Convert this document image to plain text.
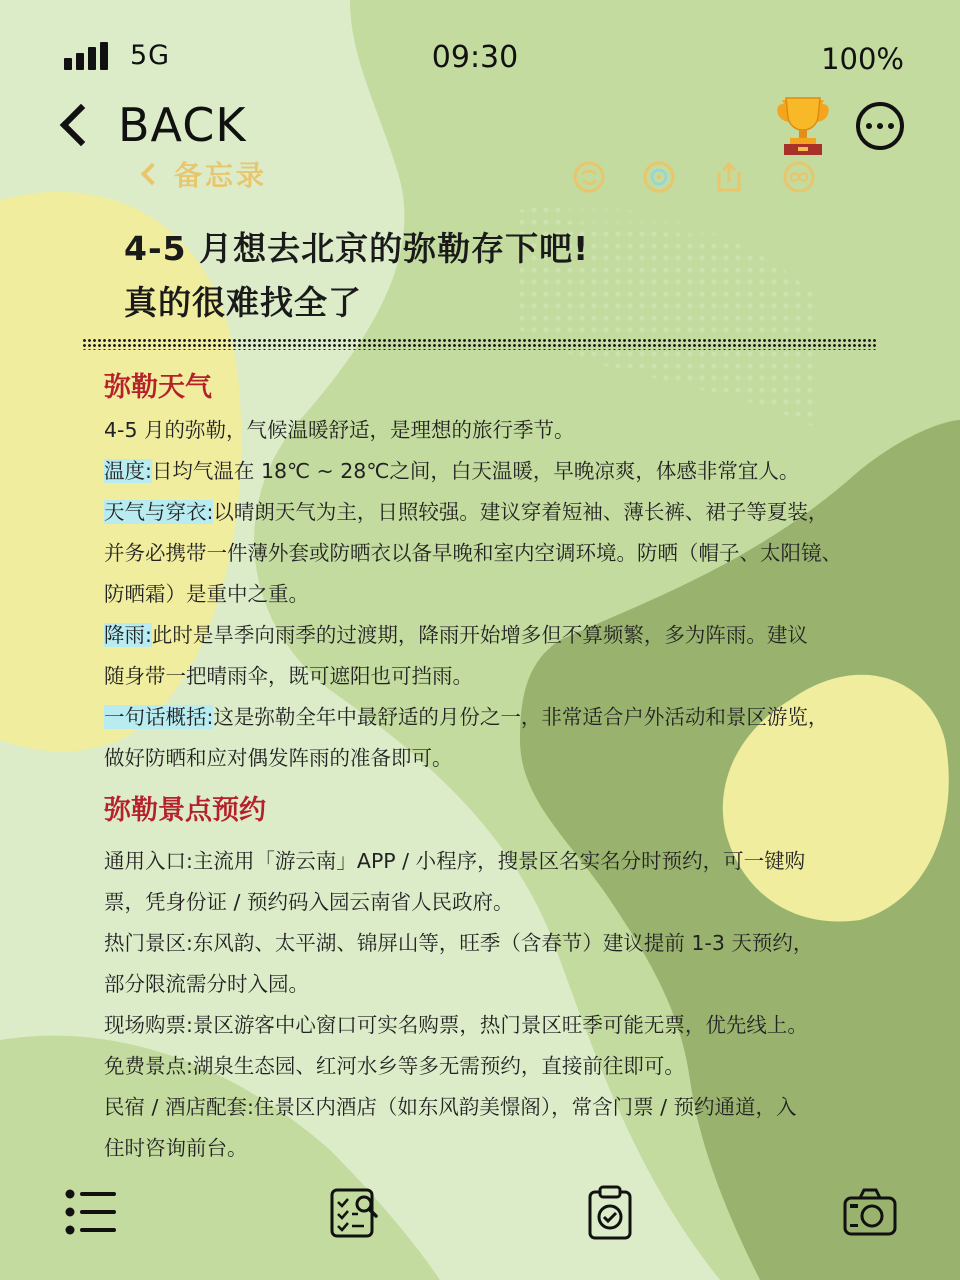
5G	09:30	100%
BACK
备忘录
4-5 月想去北京的弥勒存下吧!
真的很难找全了
弥勒天气
4-5 月的弥勒，气候温暖舒适，是理想的旅行季节。
温度:日均气温在 18℃ ~ 28℃之间，白天温暖，早晚凉爽，体感非常宜人。
天气与穿衣:以晴朗天气为主，日照较强。建议穿着短袖、薄长裤、裙子等夏装，
并务必携带一件薄外套或防晒衣以备早晚和室内空调环境。防晒（帽子、太阳镜、
防晒霜）是重中之重。
降雨:此时是旱季向雨季的过渡期，降雨开始增多但不算频繁，多为阵雨。建议
随身带一把晴雨伞，既可遮阳也可挡雨。
一句话概括:这是弥勒全年中最舒适的月份之一，非常适合户外活动和景区游览，
做好防晒和应对偶发阵雨的准备即可。
弥勒景点预约
通用入口:主流用「游云南」APP / 小程序，搜景区名实名分时预约，可一键购
票，凭身份证 / 预约码入园云南省人民政府。
热门景区:东风韵、太平湖、锦屏山等，旺季（含春节）建议提前 1-3 天预约，
部分限流需分时入园。
现场购票:景区游客中心窗口可实名购票，热门景区旺季可能无票，优先线上。
免费景点:湖泉生态园、红河水乡等多无需预约，直接前往即可。
民宿 / 酒店配套:住景区内酒店（如东风韵美憬阁），常含门票 / 预约通道，入
住时咨询前台。
